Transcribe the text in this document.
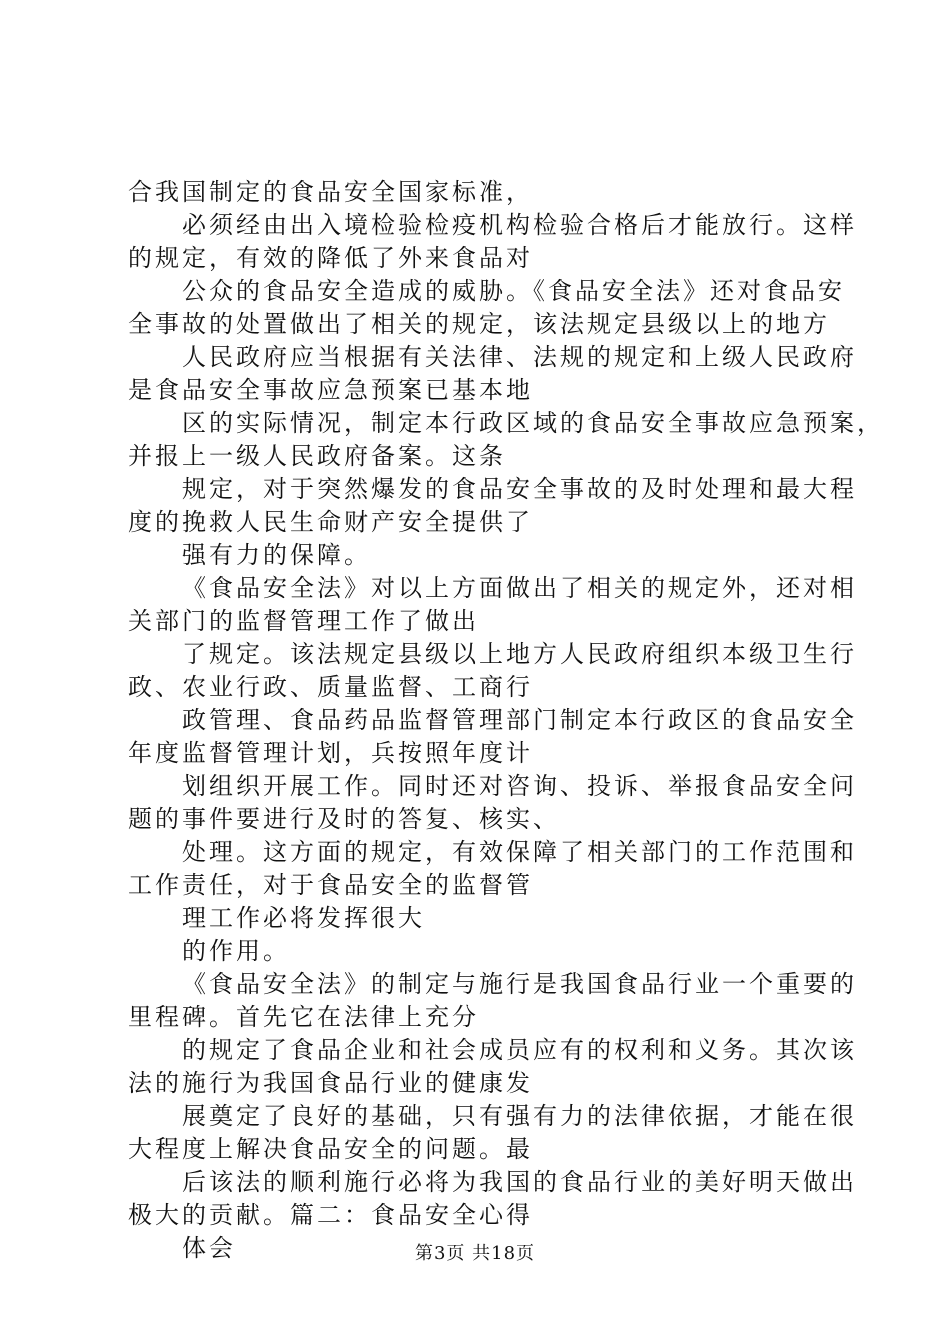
合我国制定的食品安全国家标准，
必须经由出入境检验检疫机构检验合格后才能放行。这样
的规定，有效的降低了外来食品对
公众的食品安全造成的威胁。《食品安全法》还对食品安
全事故的处置做出了相关的规定，该法规定县级以上的地方
人民政府应当根据有关法律、法规的规定和上级人民政府
是食品安全事故应急预案已基本地
区的实际情况，制定本行政区域的食品安全事故应急预案，
并报上一级人民政府备案。这条
规定，对于突然爆发的食品安全事故的及时处理和最大程
度的挽救人民生命财产安全提供了
强有力的保障。
《食品安全法》对以上方面做出了相关的规定外，还对相
关部门的监督管理工作了做出
了规定。该法规定县级以上地方人民政府组织本级卫生行
政、农业行政、质量监督、工商行
政管理、食品药品监督管理部门制定本行政区的食品安全
年度监督管理计划，兵按照年度计
划组织开展工作。同时还对咨询、投诉、举报食品安全问
题的事件要进行及时的答复、核实、
处理。这方面的规定，有效保障了相关部门的工作范围和
工作责任，对于食品安全的监督管
理工作必将发挥很大
的作用。
《食品安全法》的制定与施行是我国食品行业一个重要的
里程碑。首先它在法律上充分
的规定了食品企业和社会成员应有的权利和义务。其次该
法的施行为我国食品行业的健康发
展奠定了良好的基础，只有强有力的法律依据，才能在很
大程度上解决食品安全的问题。最
后该法的顺利施行必将为我国的食品行业的美好明天做出
极大的贡献。篇二：食品安全心得
体会	第3页 共18页
